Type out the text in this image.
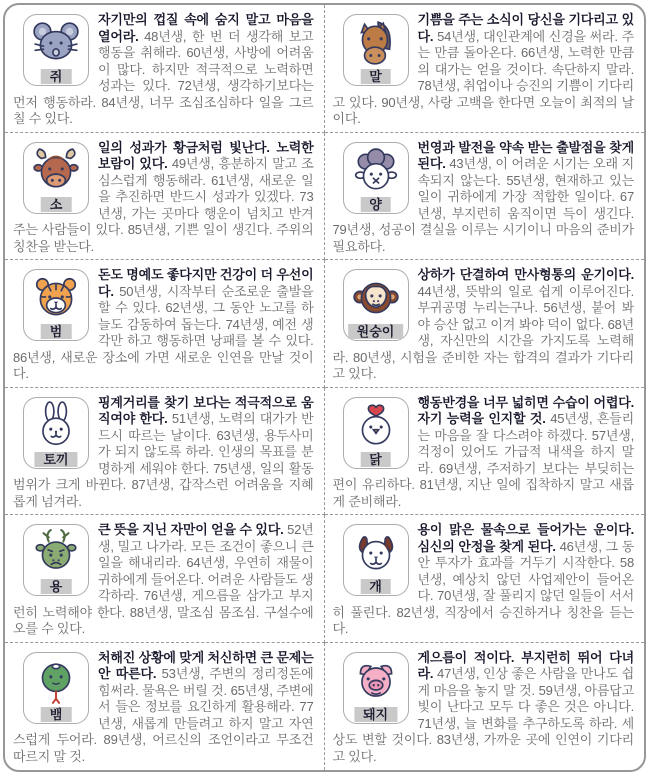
쥐

자기만의 껍질 속에 숨지 말고 마음을 열어라. 48년생, 한 번 더 생각해 보고 행동을 취해라. 60년생, 사방에 어려움이 많다. 하지만 적극적으로 노력하면 성과는 있다. 72년생, 생각하기보다는 먼저 행동하라. 84년생, 너무 조심조심하다 일을 그르칠 수 있다.

말

기쁨을 주는 소식이 당신을 기다리고 있다. 54년생, 대인관계에 신경을 써라. 주는 만큼 돌아온다. 66년생, 노력한 만큼의 대가는 얻을 것이다. 속단하지 말라. 78년생, 취업이나 승진의 기쁨이 기다리고 있다. 90년생, 사랑 고백을 한다면 오늘이 최적의 날이다.

소

일의 성과가 황금처럼 빛난다. 노력한 보람이 있다. 49년생, 흥분하지 말고 조심스럽게 행동해라. 61년생, 새로운 일을 추진하면 반드시 성과가 있겠다. 73년생, 가는 곳마다 행운이 넘치고 반겨주는 사람들이 있다. 85년생, 기쁜 일이 생긴다. 주위의 칭찬을 받는다.

양

번영과 발전을 약속 받는 출발점을 찾게 된다. 43년생, 이 어려운 시기는 오래 지속되지 않는다. 55년생, 현재하고 있는 일이 귀하에게 가장 적합한 일이다. 67년생, 부지런히 움직이면 득이 생긴다. 79년생, 성공이 결실을 이루는 시기이니 마음의 준비가 필요하다.

범

돈도 명예도 좋다지만 건강이 더 우선이다. 50년생, 시작부터 순조로운 출발을 할 수 있다. 62년생, 그 동안 노고를 하늘도 감동하여 돕는다. 74년생, 예전 생각만 하고 행동하면 낭패를 볼 수 있다. 86년생, 새로운 장소에 가면 새로운 인연을 만날 것이다.

원숭이

상하가 단결하여 만사형통의 운기이다. 44년생, 뜻밖의 일로 쉽게 이루어진다. 부귀공명 누리는구나. 56년생, 붙어 봐야 승산 없고 이겨 봐야 덕이 없다. 68년생, 자신만의 시간을 가지도록 노력해라. 80년생, 시험을 준비한 자는 합격의 결과가 기다리고 있다.

토끼

핑계거리를 찾기 보다는 적극적으로 움직여야 한다. 51년생, 노력의 대가가 반드시 따르는 날이다. 63년생, 용두사미가 되지 않도록 하라. 인생의 목표를 분명하게 세워야 한다. 75년생, 일의 활동범위가 크게 바뀐다. 87년생, 갑작스런 어려움을 지혜롭게 넘겨라.

닭

행동반경을 너무 넓히면 수습이 어렵다. 자기 능력을 인지할 것. 45년생, 흔들리는 마음을 잘 다스려야 하겠다. 57년생, 걱정이 있어도 가급적 내색을 하지 말라. 69년생, 주저하기 보다는 부딪히는 편이 유리하다. 81년생, 지난 일에 집착하지 말고 새롭게 준비해라.

용

큰 뜻을 지닌 자만이 얻을 수 있다. 52년생, 밀고 나가라. 모든 조건이 좋으니 큰일을 해내리라. 64년생, 우연히 재물이 귀하에게 들어온다. 어려운 사람들도 생각하라. 76년생, 게으름을 삼가고 부지런히 노력해야 한다. 88년생, 말조심 몸조심. 구설수에 오를 수 있다.

개

용이 맑은 물속으로 들어가는 운이다. 심신의 안정을 찾게 된다. 46년생, 그 동안 투자가 효과를 거두기 시작한다. 58년생, 예상치 않던 사업제안이 들어온다. 70년생, 잘 풀리지 않던 일들이 서서히 풀린다. 82년생, 직장에서 승진하거나 칭찬을 듣는다.

뱀

처해진 상황에 맞게 처신하면 큰 문제는 안 따른다. 53년생, 주변의 정리정돈에 힘써라. 물욕은 버릴 것. 65년생, 주변에서 들은 정보를 요긴하게 활용해라. 77년생, 새롭게 만들려고 하지 말고 자연스럽게 두어라. 89년생, 어르신의 조언이라고 무조건 따르지 말 것.

돼지

게으름이 적이다. 부지런히 뛰어 다녀라. 47년생, 인상 좋은 사람을 만나도 쉽게 마음을 놓지 말 것. 59년생, 아름답고 빛이 난다고 모두 다 좋은 것은 아니다. 71년생, 늘 변화를 추구하도록 하라. 세상도 변할 것이다. 83년생, 가까운 곳에 인연이 기다리고 있다.
